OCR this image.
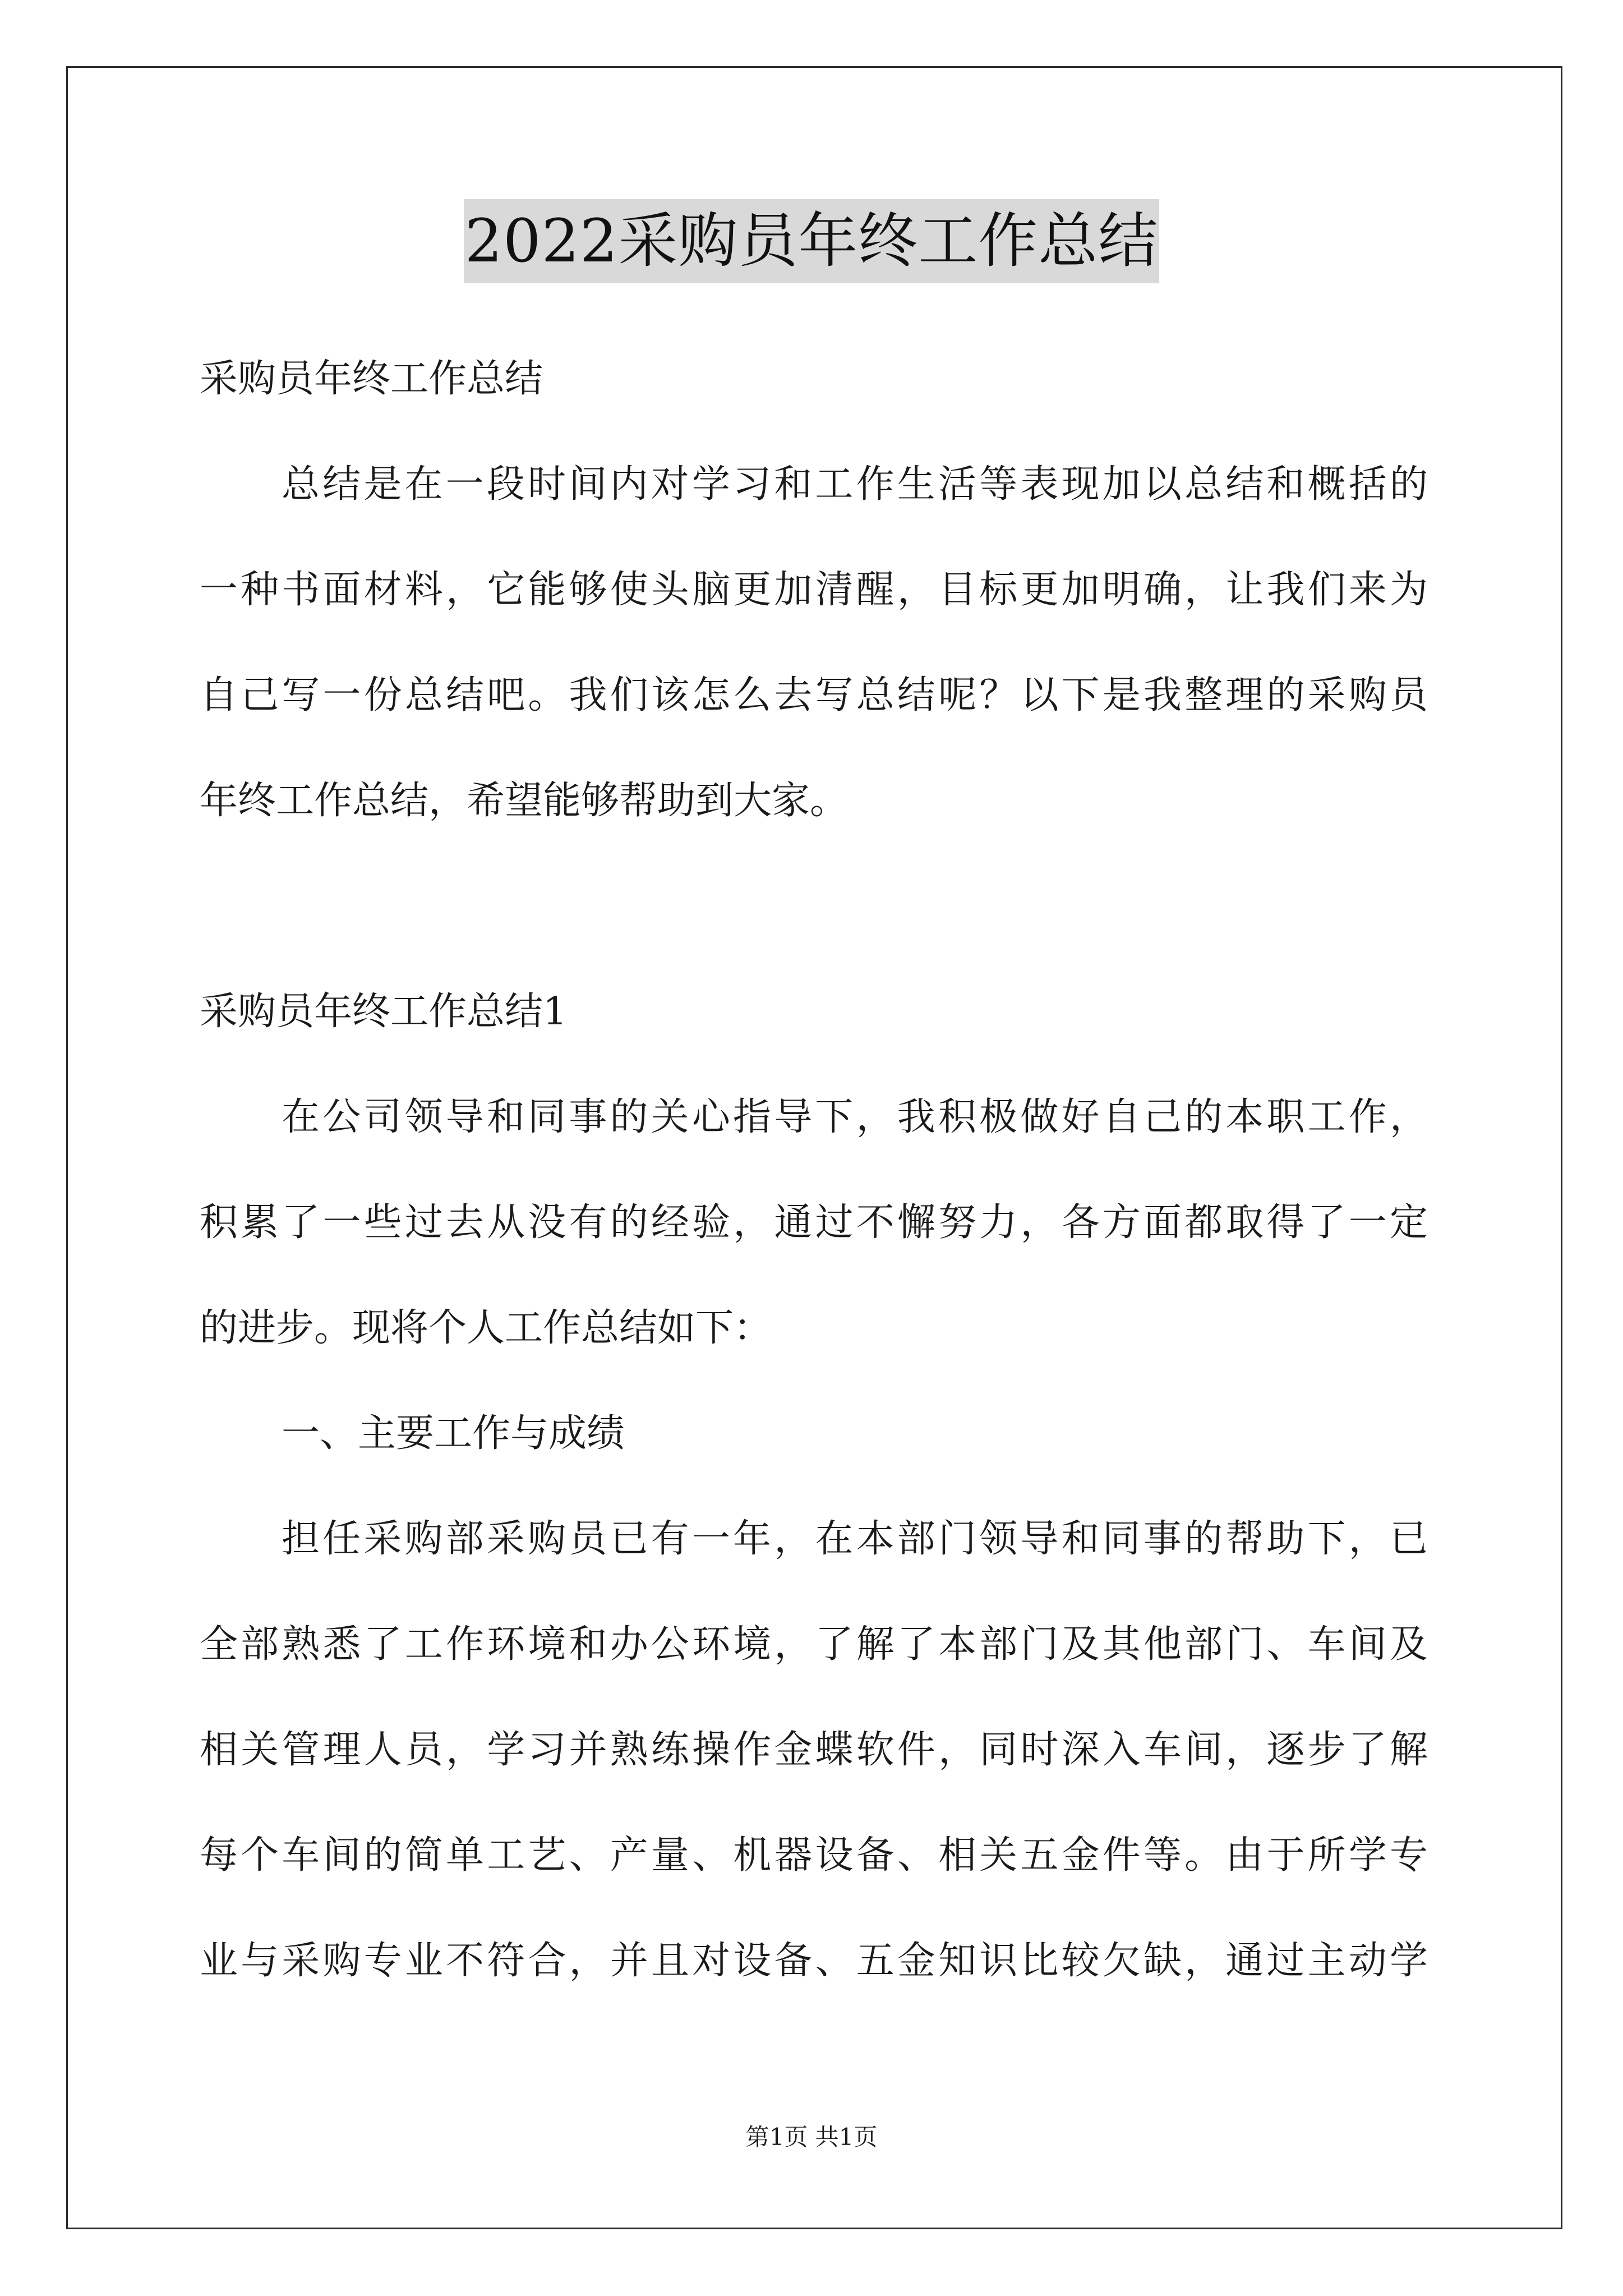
2022采购员年终工作总结
采购员年终工作总结
总结是在一段时间内对学习和工作生活等表现加以总结和概括的
一种书面材料，它能够使头脑更加清醒，目标更加明确，让我们来为
自己写一份总结吧。我们该怎么去写总结呢？以下是我整理的采购员
年终工作总结，希望能够帮助到大家。
采购员年终工作总结1
在公司领导和同事的关心指导下，我积极做好自己的本职工作，
积累了一些过去从没有的经验，通过不懈努力，各方面都取得了一定
的进步。现将个人工作总结如下：
一、主要工作与成绩
担任采购部采购员已有一年，在本部门领导和同事的帮助下，已
全部熟悉了工作环境和办公环境，了解了本部门及其他部门、车间及
相关管理人员，学习并熟练操作金蝶软件，同时深入车间，逐步了解
每个车间的简单工艺、产量、机器设备、相关五金件等。由于所学专
业与采购专业不符合，并且对设备、五金知识比较欠缺，通过主动学
第1页 共1页
